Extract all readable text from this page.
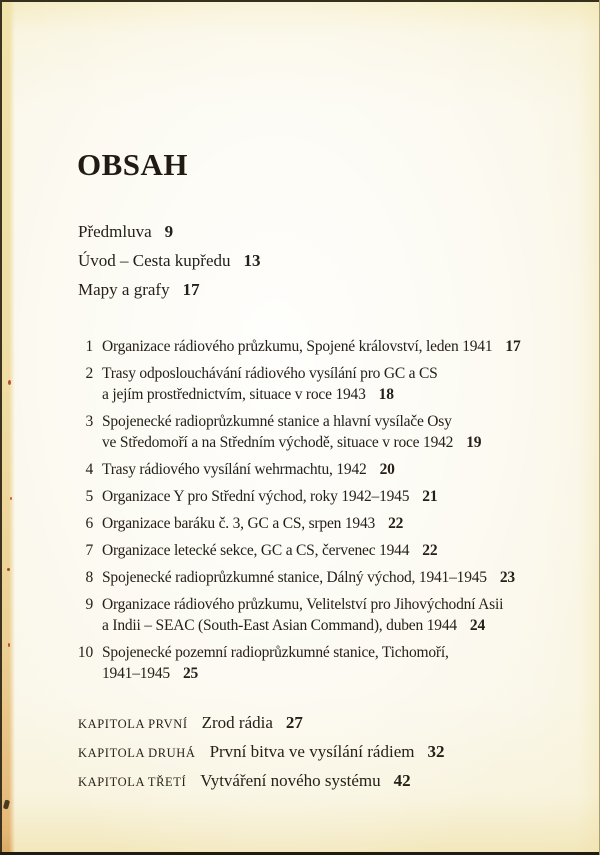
OBSAH
Předmluva 9
Úvod – Cesta kupředu 13
Mapy a grafy 17
1 Organizace rádiového průzkumu, Spojené království, leden 1941 17
2 Trasy odposlouchávání rádiového vysílání pro GC a CS
a jejím prostřednictvím, situace v roce 1943 18
3 Spojenecké radioprůzkumné stanice a hlavní vysílače Osy
ve Středomoří a na Středním východě, situace v roce 1942 19
4 Trasy rádiového vysílání wehrmachtu, 1942 20
5 Organizace Y pro Střední východ, roky 1942–1945 21
6 Organizace baráku č. 3, GC a CS, srpen 1943 22
7 Organizace letecké sekce, GC a CS, červenec 1944 22
8 Spojenecké radioprůzkumné stanice, Dálný východ, 1941–1945 23
9 Organizace rádiového průzkumu, Velitelství pro Jihovýchodní Asii
a Indii – SEAC (South-East Asian Command), duben 1944 24
10 Spojenecké pozemní radioprůzkumné stanice, Tichomoří,
1941–1945 25
KAPITOLA PRVNÍ Zrod rádia 27
KAPITOLA DRUHÁ První bitva ve vysílání rádiem 32
KAPITOLA TŘETÍ Vytváření nového systému 42
